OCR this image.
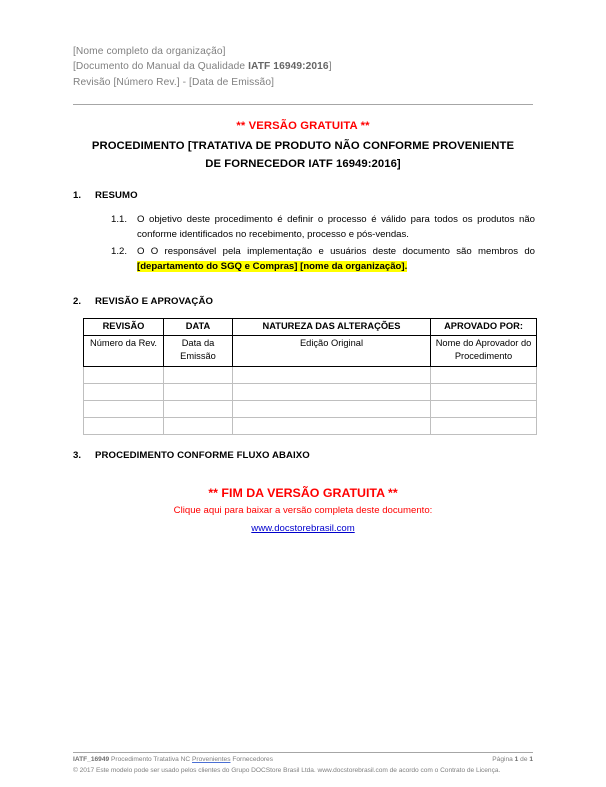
[Nome completo da organização]
[Documento do Manual da Qualidade IATF 16949:2016]
Revisão [Número Rev.] - [Data de Emissão]
** VERSÃO GRATUITA **
PROCEDIMENTO [TRATATIVA DE PRODUTO NÃO CONFORME PROVENIENTE
DE FORNECEDOR IATF 16949:2016]
1. RESUMO
1.1.	O objetivo deste procedimento é definir o processo é válido para todos os produtos não conforme identificados no recebimento, processo e pós-vendas.
1.2.	O O responsável pela implementação e usuários deste documento são membros do [departamento do SGQ e Compras] [nome da organização].
2. REVISÃO E APROVAÇÃO
REVISÃO	DATA	NATUREZA DAS ALTERAÇÕES	APROVADO POR:
Número da Rev.	Data da Emissão	Edição Original	Nome do Aprovador do Procedimento

3. PROCEDIMENTO CONFORME FLUXO ABAIXO
** FIM DA VERSÃO GRATUITA **
Clique aqui para baixar a versão completa deste documento:
www.docstorebrasil.com
IATF_16949 Procedimento Tratativa NC Provenientes Fornecedores	Página 1 de 1
© 2017 Este modelo pode ser usado pelos clientes do Grupo DOCStore Brasil Ltda. www.docstorebrasil.com de acordo com o Contrato de Licença.
